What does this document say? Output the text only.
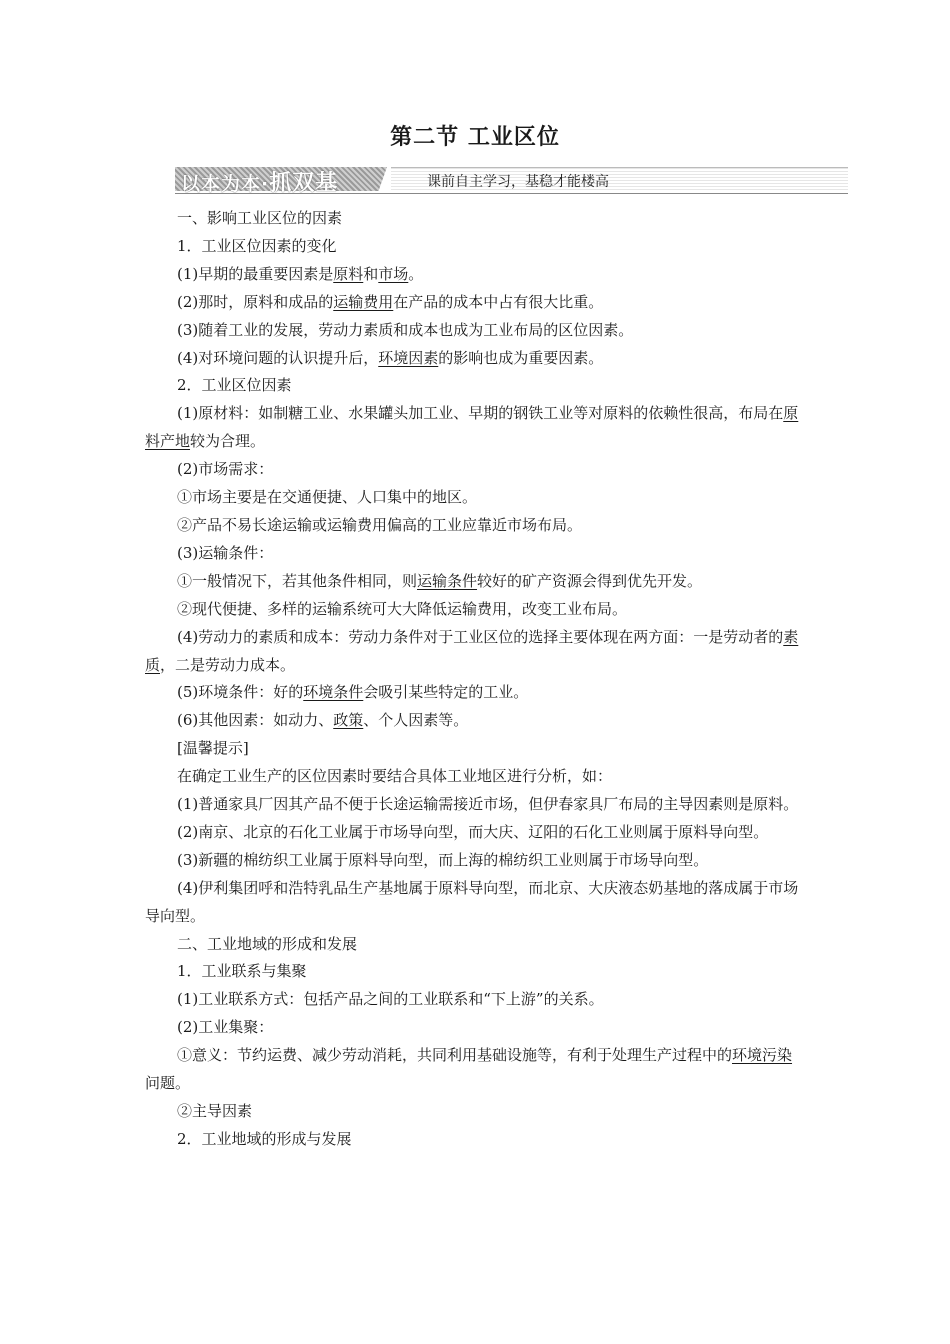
第二节 工业区位
以本为本·抓双基	课前自主学习，基稳才能楼高

一、影响工业区位的因素

1．工业区位因素的变化

(1)早期的最重要因素是原料和市场。

(2)那时，原料和成品的运输费用在产品的成本中占有很大比重。

(3)随着工业的发展，劳动力素质和成本也成为工业布局的区位因素。

(4)对环境问题的认识提升后，环境因素的影响也成为重要因素。

2．工业区位因素

(1)原材料：如制糖工业、水果罐头加工业、早期的钢铁工业等对原料的依赖性很高，布局在原料产地较为合理。

(2)市场需求：

①市场主要是在交通便捷、人口集中的地区。

②产品不易长途运输或运输费用偏高的工业应靠近市场布局。

(3)运输条件：

①一般情况下，若其他条件相同，则运输条件较好的矿产资源会得到优先开发。

②现代便捷、多样的运输系统可大大降低运输费用，改变工业布局。

(4)劳动力的素质和成本：劳动力条件对于工业区位的选择主要体现在两方面：一是劳动者的素质，二是劳动力成本。

(5)环境条件：好的环境条件会吸引某些特定的工业。

(6)其他因素：如动力、政策、个人因素等。

[温馨提示]

在确定工业生产的区位因素时要结合具体工业地区进行分析，如：

(1)普通家具厂因其产品不便于长途运输需接近市场，但伊春家具厂布局的主导因素则是原料。

(2)南京、北京的石化工业属于市场导向型，而大庆、辽阳的石化工业则属于原料导向型。

(3)新疆的棉纺织工业属于原料导向型，而上海的棉纺织工业则属于市场导向型。

(4)伊利集团呼和浩特乳品生产基地属于原料导向型，而北京、大庆液态奶基地的落成属于市场导向型。

二、工业地域的形成和发展

1．工业联系与集聚

(1)工业联系方式：包括产品之间的工业联系和“下上游”的关系。

(2)工业集聚：

①意义：节约运费、减少劳动消耗，共同利用基础设施等，有利于处理生产过程中的环境污染问题。

②主导因素

2．工业地域的形成与发展
